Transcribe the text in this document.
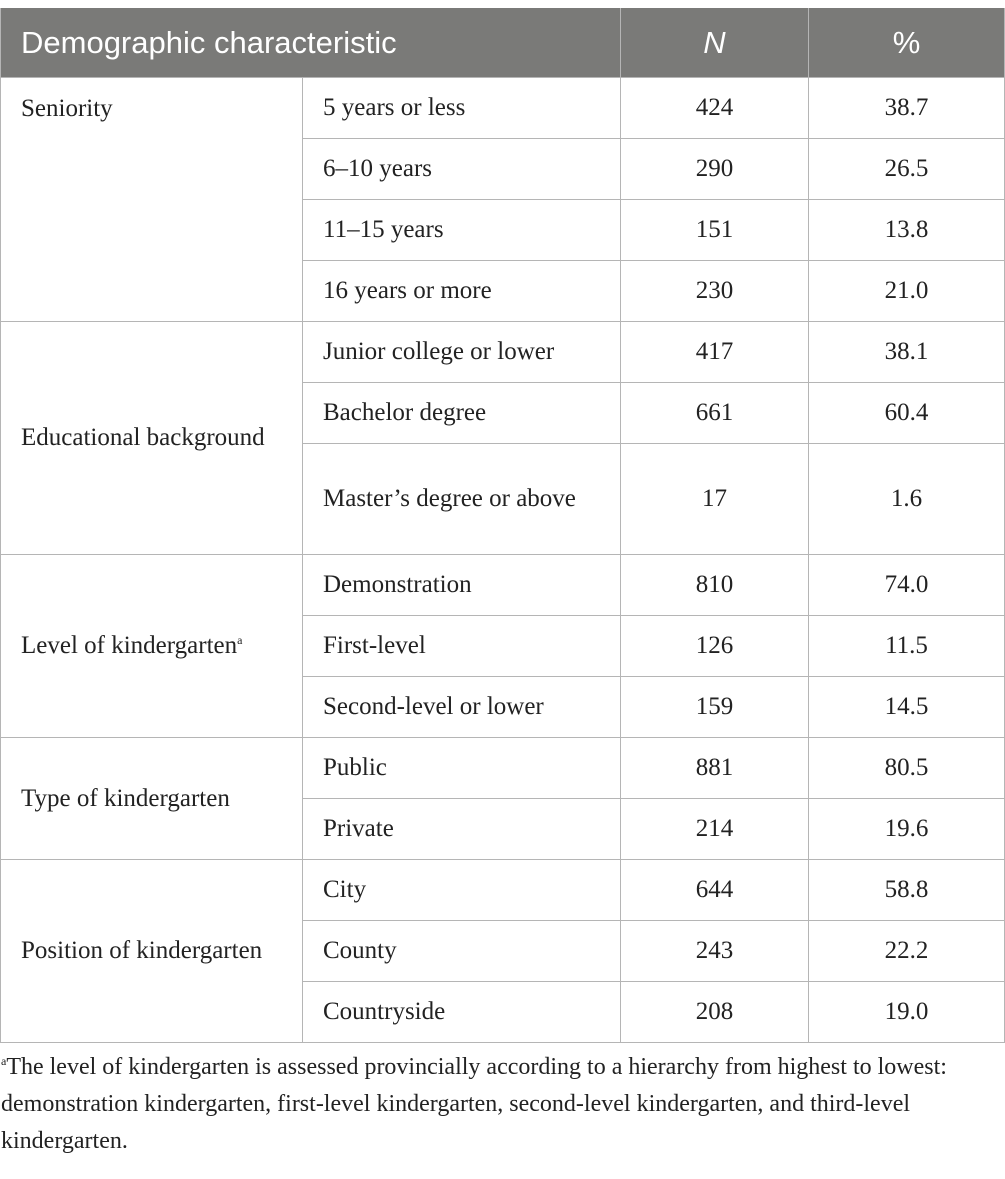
Demographic characteristic		N	%
Seniority	5 years or less	424	38.7
	6–10 years	290	26.5
	11–15 years	151	13.8
	16 years or more	230	21.0
Educational background	Junior college or lower	417	38.1
	Bachelor degree	661	60.4
	Master’s degree or above	17	1.6
Level of kindergarten$^a$	Demonstration	810	74.0
	First-level	126	11.5
	Second-level or lower	159	14.5
Type of kindergarten	Public	881	80.5
	Private	214	19.6
Position of kindergarten	City	644	58.8
	County	243	22.2
	Countryside	208	19.0
$^a$The level of kindergarten is assessed provincially according to a hierarchy from highest to lowest: demonstration kindergarten, first-level kindergarten, second-level kindergarten, and third-level kindergarten.
